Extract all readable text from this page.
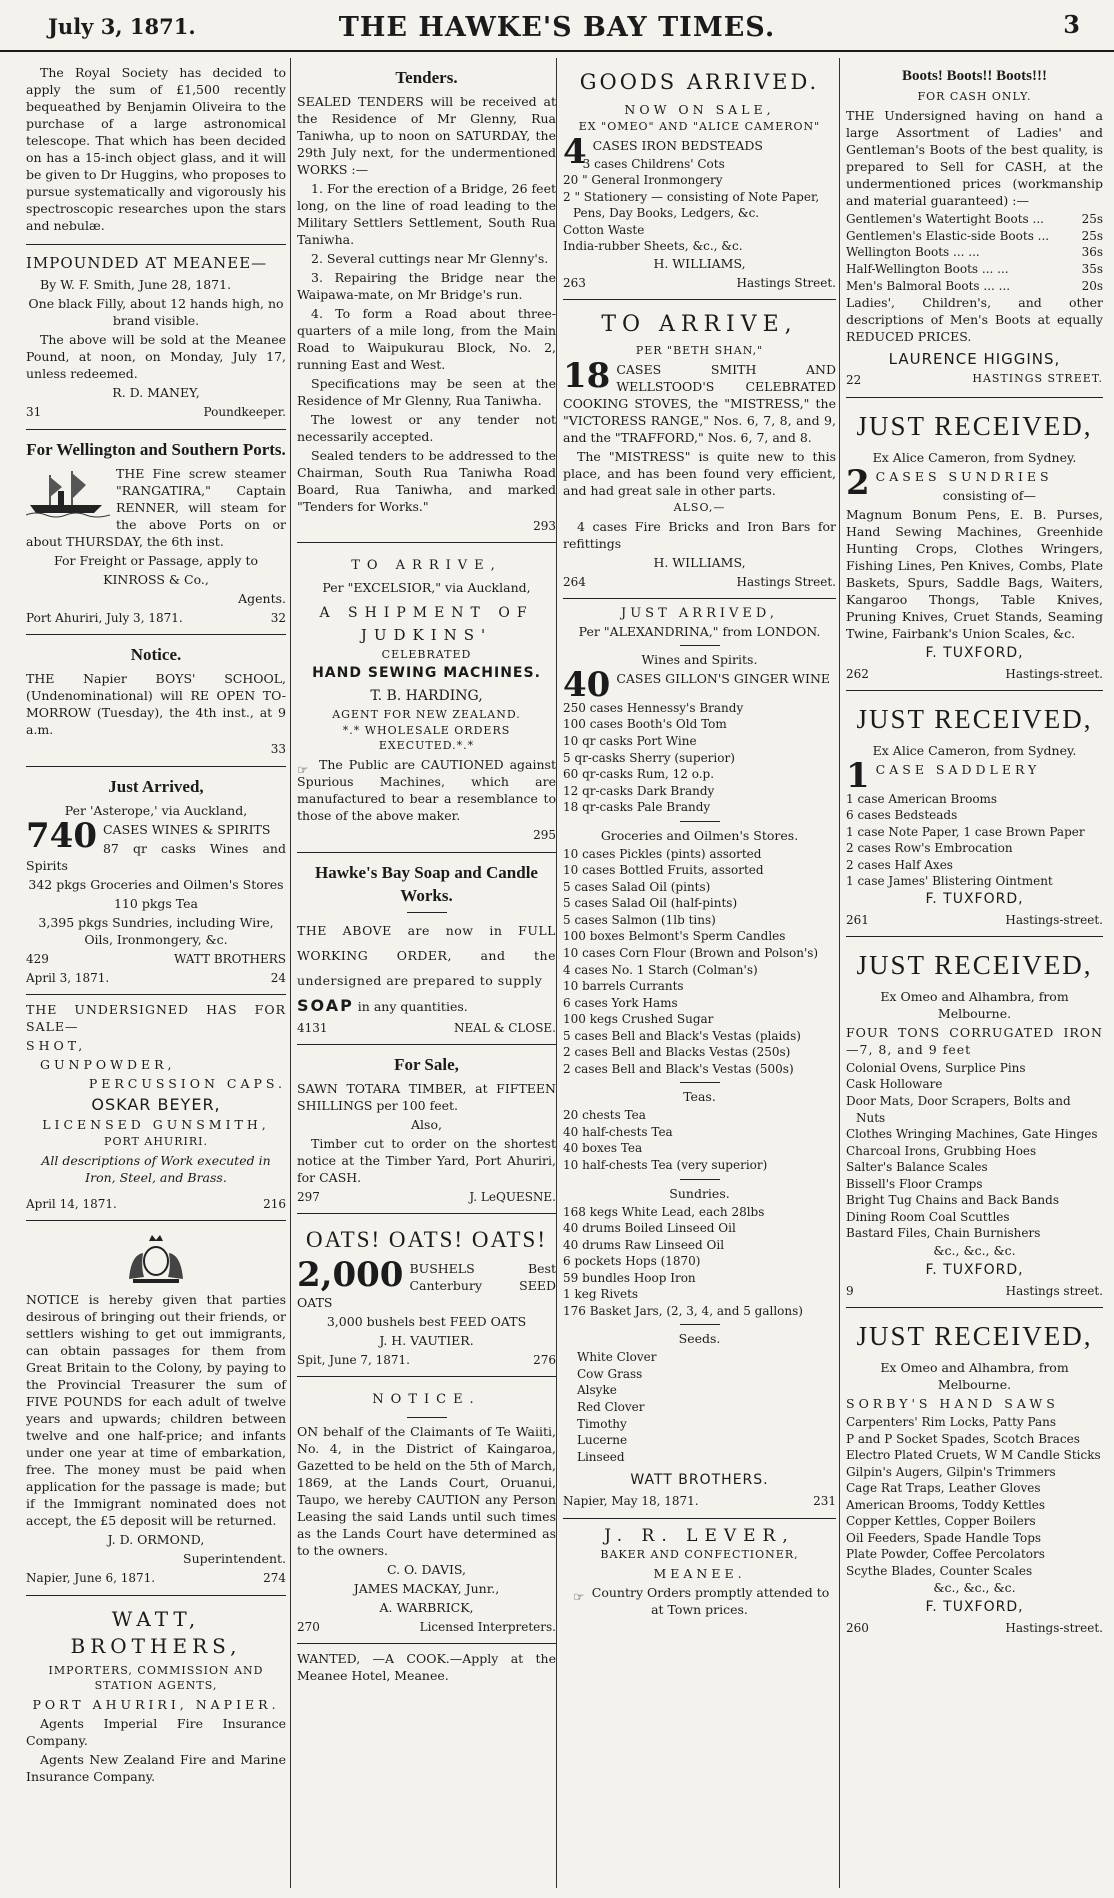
July 3, 1871.	THE HAWKE'S BAY TIMES.	3

The Royal Society has decided to apply the sum of £1,500 recently bequeathed by Benjamin Oliveira to the purchase of a large astronomical telescope. That which has been decided on has a 15-inch object glass, and it will be given to Dr Huggins, who proposes to pursue systematically and vigorously his spectroscopic researches upon the stars and nebulæ.

IMPOUNDED AT MEANEE—

By W. F. Smith, June 28, 1871.

One black Filly, about 12 hands high, no brand visible.

The above will be sold at the Meanee Pound, at noon, on Monday, July 17, unless redeemed.

R. D. MANEY,

31	Poundkeeper.
For Wellington and Southern Ports.

THE Fine screw steamer "RANGATIRA," Captain RENNER, will steam for the above Ports on or about THURSDAY, the 6th inst.

For Freight or Passage, apply to

KINROSS & Co.,

Agents.

Port Ahuriri, July 3, 1871.	32
Notice.

THE Napier BOYS' SCHOOL, (Undenominational) will RE OPEN TO-MORROW (Tuesday), the 4th inst., at 9 a.m.

33
Just Arrived,

Per 'Asterope,' via Auckland,

740 CASES WINES & SPIRITS

87 qr casks Wines and Spirits

342 pkgs Groceries and Oilmen's Stores

110 pkgs Tea

3,395 pkgs Sundries, including Wire, Oils, Ironmongery, &c.

429	WATT BROTHERS
April 3, 1871.	24

THE UNDERSIGNED HAS FOR SALE—

SHOT,

GUNPOWDER,

PERCUSSION CAPS.

OSKAR BEYER,

LICENSED GUNSMITH,

PORT AHURIRI.

All descriptions of Work executed in Iron, Steel, and Brass.

April 14, 1871.	216

NOTICE is hereby given that parties desirous of bringing out their friends, or settlers wishing to get out immigrants, can obtain passages for them from Great Britain to the Colony, by paying to the Provincial Treasurer the sum of FIVE POUNDS for each adult of twelve years and upwards; children between twelve and one half-price; and infants under one year at time of embarkation, free. The money must be paid when application for the passage is made; but if the Immigrant nominated does not accept, the £5 deposit will be returned.

J. D. ORMOND,

Superintendent.

Napier, June 6, 1871.	274
WATT, BROTHERS,

IMPORTERS, COMMISSION AND STATION AGENTS,

PORT AHURIRI, NAPIER.

Agents Imperial Fire Insurance Company.

Agents New Zealand Fire and Marine Insurance Company.

Tenders.

SEALED TENDERS will be received at the Residence of Mr Glenny, Rua Taniwha, up to noon on SATURDAY, the 29th July next, for the undermentioned WORKS :—

1. For the erection of a Bridge, 26 feet long, on the line of road leading to the Military Settlers Settlement, South Rua Taniwha.

2. Several cuttings near Mr Glenny's.

3. Repairing the Bridge near the Waipawa-mate, on Mr Bridge's run.

4. To form a Road about three-quarters of a mile long, from the Main Road to Waipukurau Block, No. 2, running East and West.

Specifications may be seen at the Residence of Mr Glenny, Rua Taniwha.

The lowest or any tender not necessarily accepted.

Sealed tenders to be addressed to the Chairman, South Rua Taniwha Road Board, Rua Taniwha, and marked "Tenders for Works."

293
TO ARRIVE,

Per "EXCELSIOR," via Auckland,

A SHIPMENT OF

JUDKINS'

CELEBRATED

HAND SEWING MACHINES.

T. B. HARDING,

AGENT FOR NEW ZEALAND.

*.* WHOLESALE ORDERS EXECUTED.*.*

☞ The Public are CAUTIONED against Spurious Machines, which are manufactured to bear a resemblance to those of the above maker.

295
Hawke's Bay Soap and Candle Works.

THE ABOVE are now in FULL WORKING ORDER, and the undersigned are prepared to supply

SOAP in any quantities.

4131	NEAL & CLOSE.
For Sale,

SAWN TOTARA TIMBER, at FIFTEEN SHILLINGS per 100 feet.

Also,

Timber cut to order on the shortest notice at the Timber Yard, Port Ahuriri, for CASH.

297	J. LeQUESNE.
OATS! OATS! OATS!
2,000 BUSHELS Best Canterbury SEED OATS

3,000 bushels best FEED OATS

J. H. VAUTIER.

Spit, June 7, 1871.	276
NOTICE.

ON behalf of the Claimants of Te Waiiti, No. 4, in the District of Kaingaroa, Gazetted to be held on the 5th of March, 1869, at the Lands Court, Oruanui, Taupo, we hereby CAUTION any Person Leasing the said Lands until such times as the Lands Court have determined as to the owners.

C. O. DAVIS,

JAMES MACKAY, Junr.,

A. WARBRICK,

270	Licensed Interpreters.

WANTED, —A COOK.—Apply at the Meanee Hotel, Meanee.

GOODS ARRIVED.

NOW ON SALE,

EX "OMEO" AND "ALICE CAMERON"

4 CASES IRON BEDSTEADS

3 cases Childrens' Cots
20 " General Ironmongery
2 " Stationery — consisting of Note Paper, Pens, Day Books, Ledgers, &c.
Cotton Waste
India-rubber Sheets, &c., &c.

H. WILLIAMS,

263	Hastings Street.
TO ARRIVE,

PER "BETH SHAN,"

18 CASES SMITH AND WELLSTOOD'S CELEBRATED COOKING STOVES, the "MISTRESS," the "VICTORESS RANGE," Nos. 6, 7, 8, and 9, and the "TRAFFORD," Nos. 6, 7, and 8.

The "MISTRESS" is quite new to this place, and has been found very efficient, and had great sale in other parts.

ALSO,—

4 cases Fire Bricks and Iron Bars for refittings

H. WILLIAMS,

264	Hastings Street.
JUST ARRIVED,

Per "ALEXANDRINA," from LONDON.

Wines and Spirits.

40 CASES GILLON'S GINGER WINE

250 cases Hennessy's Brandy
100 cases Booth's Old Tom
10 qr casks Port Wine
5 qr-casks Sherry (superior)
60 qr-casks Rum, 12 o.p.
12 qr-casks Dark Brandy
18 qr-casks Pale Brandy

Groceries and Oilmen's Stores.

10 cases Pickles (pints) assorted
10 cases Bottled Fruits, assorted
5 cases Salad Oil (pints)
5 cases Salad Oil (half-pints)
5 cases Salmon (1lb tins)
100 boxes Belmont's Sperm Candles
10 cases Corn Flour (Brown and Polson's)
4 cases No. 1 Starch (Colman's)
10 barrels Currants
6 cases York Hams
100 kegs Crushed Sugar
5 cases Bell and Black's Vestas (plaids)
2 cases Bell and Blacks Vestas (250s)
2 cases Bell and Black's Vestas (500s)

Teas.

20 chests Tea
40 half-chests Tea
40 boxes Tea
10 half-chests Tea (very superior)

Sundries.

168 kegs White Lead, each 28lbs
40 drums Boiled Linseed Oil
40 drums Raw Linseed Oil
6 pockets Hops (1870)
59 bundles Hoop Iron
1 keg Rivets
176 Basket Jars, (2, 3, 4, and 5 gallons)

Seeds.

White Clover
Cow Grass
Alsyke
Red Clover
Timothy
Lucerne
Linseed
WATT BROTHERS.
Napier, May 18, 1871.	231
J. R. LEVER,

BAKER AND CONFECTIONER,

MEANEE.

☞ Country Orders promptly attended to at Town prices.

Boots! Boots!! Boots!!!

FOR CASH ONLY.

THE Undersigned having on hand a large Assortment of Ladies' and Gentleman's Boots of the best quality, is prepared to Sell for CASH, at the undermentioned prices (workmanship and material guaranteed) :—

Gentlemen's Watertight Boots ...	25s
Gentlemen's Elastic-side Boots ...	25s
Wellington Boots ... ...	36s
Half-Wellington Boots ... ...	35s
Men's Balmoral Boots ... ...	20s

Ladies', Children's, and other descriptions of Men's Boots at equally REDUCED PRICES.

LAURENCE HIGGINS,
22	HASTINGS STREET.
JUST RECEIVED,

Ex Alice Cameron, from Sydney.

2 CASES SUNDRIES

consisting of—

Magnum Bonum Pens, E. B. Purses, Hand Sewing Machines, Greenhide Hunting Crops, Clothes Wringers, Fishing Lines, Pen Knives, Combs, Plate Baskets, Spurs, Saddle Bags, Waiters, Kangaroo Thongs, Table Knives, Pruning Knives, Cruet Stands, Seaming Twine, Fairbank's Union Scales, &c.

F. TUXFORD,
262	Hastings-street.
JUST RECEIVED,

Ex Alice Cameron, from Sydney.

1 CASE SADDLERY

1 case American Brooms
6 cases Bedsteads
1 case Note Paper, 1 case Brown Paper
2 cases Row's Embrocation
2 cases Half Axes
1 case James' Blistering Ointment
F. TUXFORD,
261	Hastings-street.
JUST RECEIVED,

Ex Omeo and Alhambra, from Melbourne.

FOUR TONS CORRUGATED IRON—7, 8, and 9 feet

Colonial Ovens, Surplice Pins
Cask Holloware
Door Mats, Door Scrapers, Bolts and Nuts
Clothes Wringing Machines, Gate Hinges
Charcoal Irons, Grubbing Hoes
Salter's Balance Scales
Bissell's Floor Cramps
Bright Tug Chains and Back Bands
Dining Room Coal Scuttles
Bastard Files, Chain Burnishers

&c., &c., &c.

F. TUXFORD,
9	Hastings street.
JUST RECEIVED,

Ex Omeo and Alhambra, from Melbourne.

SORBY'S HAND SAWS

Carpenters' Rim Locks, Patty Pans
P and P Socket Spades, Scotch Braces
Electro Plated Cruets, W M Candle Sticks
Gilpin's Augers, Gilpin's Trimmers
Cage Rat Traps, Leather Gloves
American Brooms, Toddy Kettles
Copper Kettles, Copper Boilers
Oil Feeders, Spade Handle Tops
Plate Powder, Coffee Percolators
Scythe Blades, Counter Scales

&c., &c., &c.

F. TUXFORD,
260	Hastings-street.
